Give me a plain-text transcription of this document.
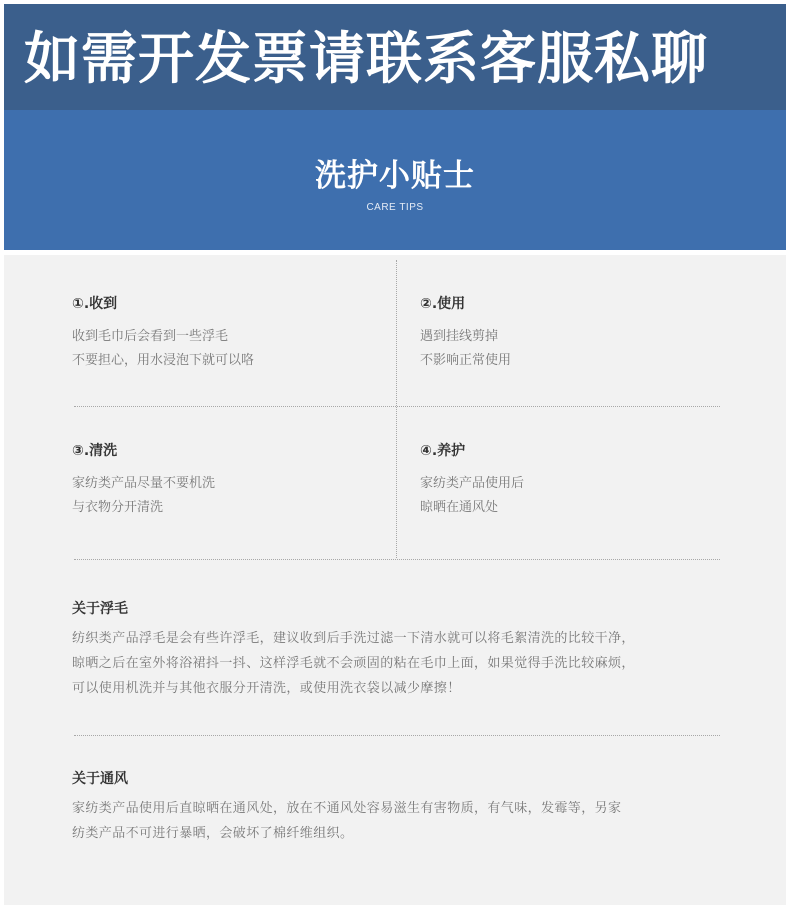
如需开发票请联系客服私聊
洗护小贴士
CARE TIPS
①.收到
收到毛巾后会看到一些浮毛
不要担心，用水浸泡下就可以咯
②.使用
遇到挂线剪掉
不影响正常使用
③.清洗
家纺类产品尽量不要机洗
与衣物分开清洗
④.养护
家纺类产品使用后
晾晒在通风处
关于浮毛
纺织类产品浮毛是会有些许浮毛，建议收到后手洗过滤一下清水就可以将毛絮清洗的比较干净，
晾晒之后在室外将浴裙抖一抖、这样浮毛就不会顽固的粘在毛巾上面，如果觉得手洗比较麻烦，
可以使用机洗并与其他衣服分开清洗，或使用洗衣袋以减少摩擦！
关于通风
家纺类产品使用后直晾晒在通风处，放在不通风处容易滋生有害物质，有气味，发霉等，另家
纺类产品不可进行暴晒，会破坏了棉纤维组织。
